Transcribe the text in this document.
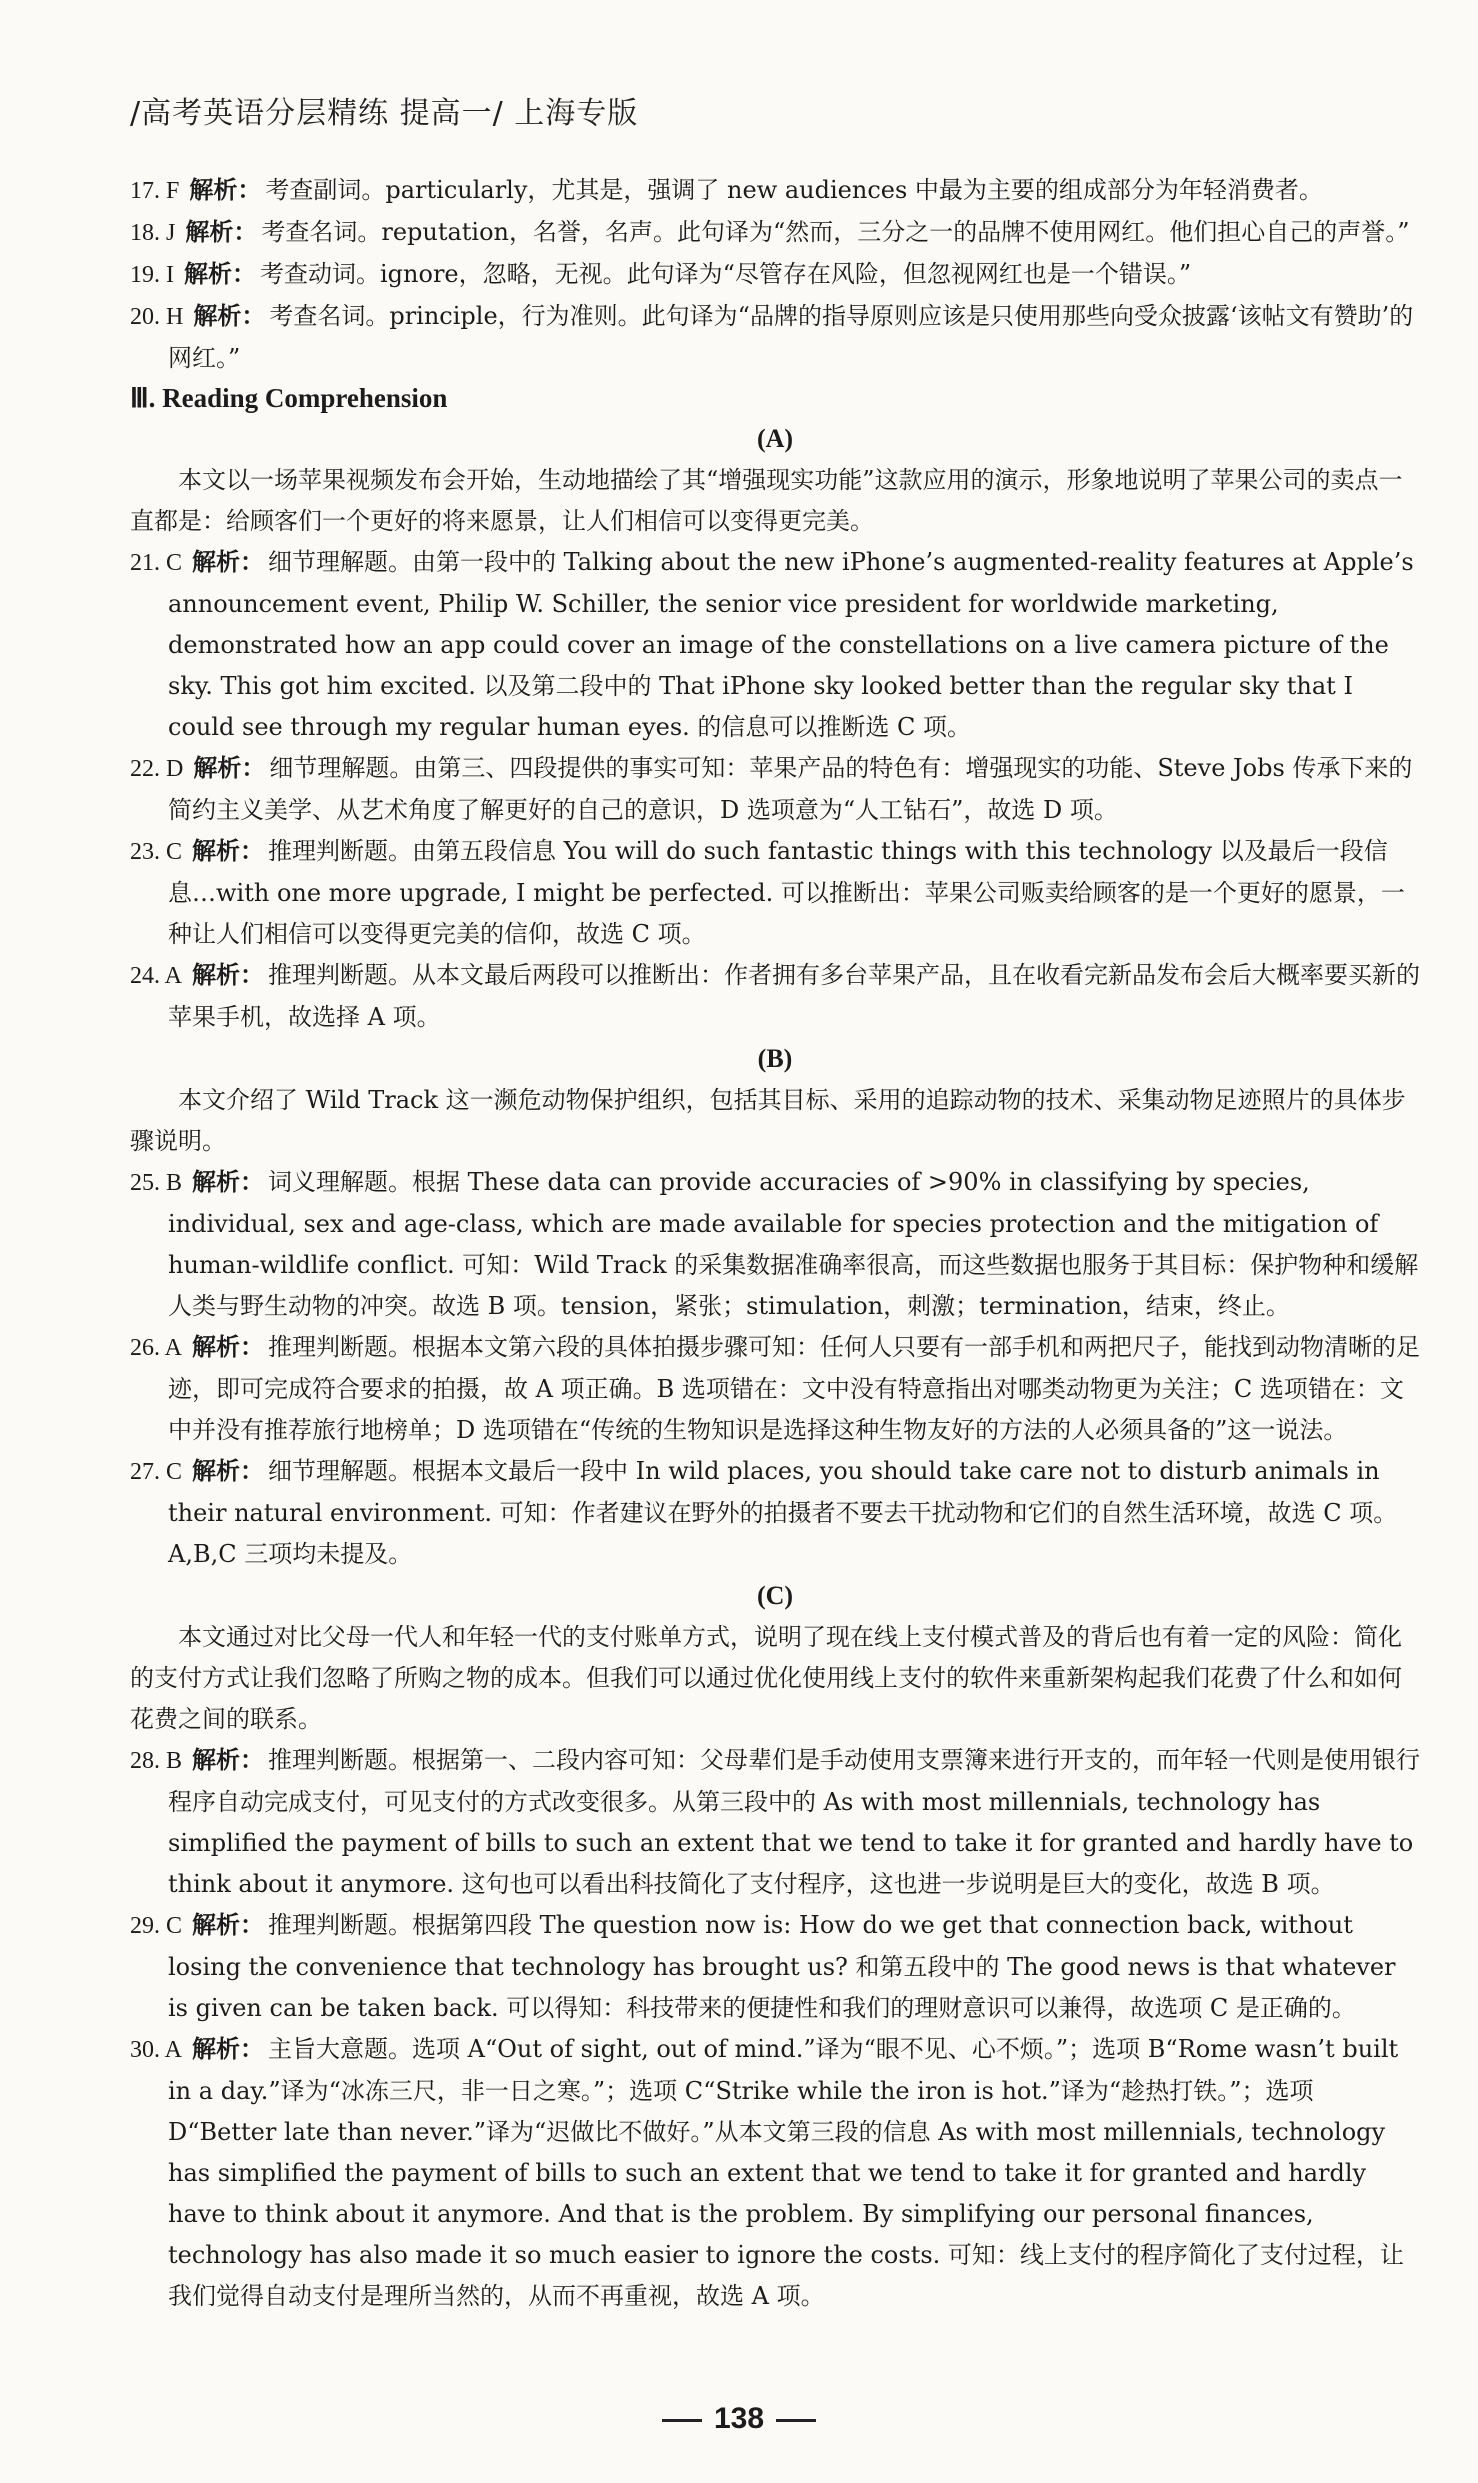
/高考英语分层精练 提高一/ 上海专版

17. F 解析： 考查副词。particularly，尤其是，强调了 new audiences 中最为主要的组成部分为年轻消费者。

18. J 解析： 考查名词。reputation，名誉，名声。此句译为“然而，三分之一的品牌不使用网红。他们担心自己的声誉。”

19. I 解析： 考查动词。ignore，忽略，无视。此句译为“尽管存在风险，但忽视网红也是一个错误。”

20. H 解析： 考查名词。principle，行为准则。此句译为“品牌的指导原则应该是只使用那些向受众披露‘该帖文有赞助’的网红。”

Ⅲ. Reading Comprehension
(A)

本文以一场苹果视频发布会开始，生动地描绘了其“增强现实功能”这款应用的演示，形象地说明了苹果公司的卖点一直都是：给顾客们一个更好的将来愿景，让人们相信可以变得更完美。

21. C 解析： 细节理解题。由第一段中的 Talking about the new iPhone’s augmented-reality features at Apple’s announcement event, Philip W. Schiller, the senior vice president for worldwide marketing, demonstrated how an app could cover an image of the constellations on a live camera picture of the sky. This got him excited. 以及第二段中的 That iPhone sky looked better than the regular sky that I could see through my regular human eyes. 的信息可以推断选 C 项。

22. D 解析： 细节理解题。由第三、四段提供的事实可知：苹果产品的特色有：增强现实的功能、Steve Jobs 传承下来的简约主义美学、从艺术角度了解更好的自己的意识，D 选项意为“人工钻石”，故选 D 项。

23. C 解析： 推理判断题。由第五段信息 You will do such fantastic things with this technology 以及最后一段信息…with one more upgrade, I might be perfected. 可以推断出：苹果公司贩卖给顾客的是一个更好的愿景，一种让人们相信可以变得更完美的信仰，故选 C 项。

24. A 解析： 推理判断题。从本文最后两段可以推断出：作者拥有多台苹果产品，且在收看完新品发布会后大概率要买新的苹果手机，故选择 A 项。

(B)

本文介绍了 Wild Track 这一濒危动物保护组织，包括其目标、采用的追踪动物的技术、采集动物足迹照片的具体步骤说明。

25. B 解析： 词义理解题。根据 These data can provide accuracies of >90% in classifying by species, individual, sex and age-class, which are made available for species protection and the mitigation of human-wildlife conflict. 可知：Wild Track 的采集数据准确率很高，而这些数据也服务于其目标：保护物种和缓解人类与野生动物的冲突。故选 B 项。tension，紧张；stimulation，刺激；termination，结束，终止。

26. A 解析： 推理判断题。根据本文第六段的具体拍摄步骤可知：任何人只要有一部手机和两把尺子，能找到动物清晰的足迹，即可完成符合要求的拍摄，故 A 项正确。B 选项错在：文中没有特意指出对哪类动物更为关注；C 选项错在：文中并没有推荐旅行地榜单；D 选项错在“传统的生物知识是选择这种生物友好的方法的人必须具备的”这一说法。

27. C 解析： 细节理解题。根据本文最后一段中 In wild places, you should take care not to disturb animals in their natural environment. 可知：作者建议在野外的拍摄者不要去干扰动物和它们的自然生活环境，故选 C 项。A,B,C 三项均未提及。

(C)

本文通过对比父母一代人和年轻一代的支付账单方式，说明了现在线上支付模式普及的背后也有着一定的风险：简化的支付方式让我们忽略了所购之物的成本。但我们可以通过优化使用线上支付的软件来重新架构起我们花费了什么和如何花费之间的联系。

28. B 解析： 推理判断题。根据第一、二段内容可知：父母辈们是手动使用支票簿来进行开支的，而年轻一代则是使用银行程序自动完成支付，可见支付的方式改变很多。从第三段中的 As with most millennials, technology has simplified the payment of bills to such an extent that we tend to take it for granted and hardly have to think about it anymore. 这句也可以看出科技简化了支付程序，这也进一步说明是巨大的变化，故选 B 项。

29. C 解析： 推理判断题。根据第四段 The question now is: How do we get that connection back, without losing the convenience that technology has brought us? 和第五段中的 The good news is that whatever is given can be taken back. 可以得知：科技带来的便捷性和我们的理财意识可以兼得，故选项 C 是正确的。

30. A 解析： 主旨大意题。选项 A“Out of sight, out of mind.”译为“眼不见、心不烦。”；选项 B“Rome wasn’t built in a day.”译为“冰冻三尺，非一日之寒。”；选项 C“Strike while the iron is hot.”译为“趁热打铁。”；选项 D“Better late than never.”译为“迟做比不做好。”从本文第三段的信息 As with most millennials, technology has simplified the payment of bills to such an extent that we tend to take it for granted and hardly have to think about it anymore. And that is the problem. By simplifying our personal finances, technology has also made it so much easier to ignore the costs. 可知：线上支付的程序简化了支付过程，让我们觉得自动支付是理所当然的，从而不再重视，故选 A 项。

138
